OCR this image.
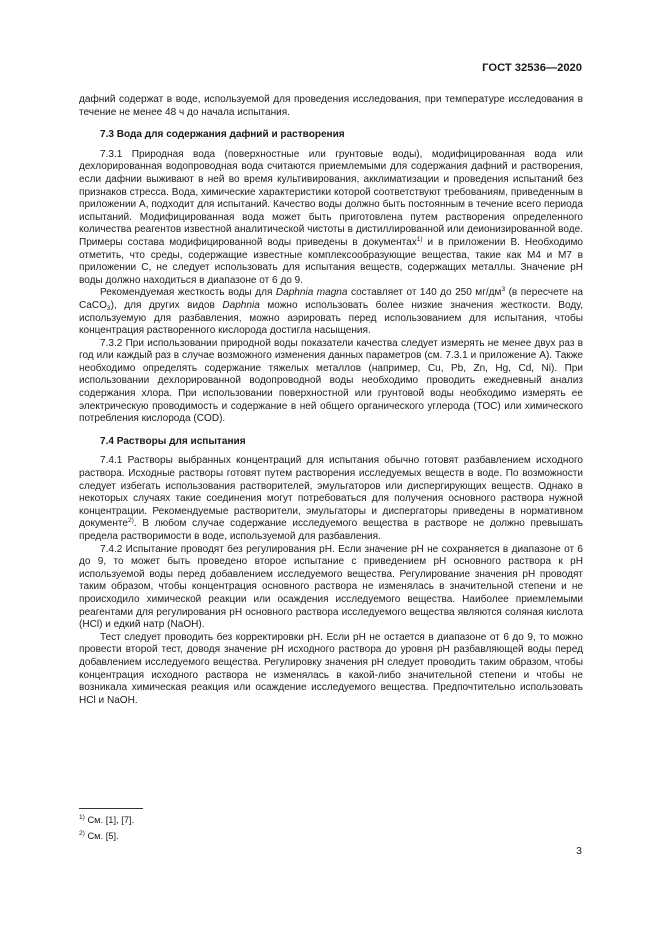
ГОСТ 32536—2020

дафний содержат в воде, используемой для проведения исследования, при температуре исследования в течение не менее 48 ч до начала испытания.

7.3 Вода для содержания дафний и растворения

7.3.1 Природная вода (поверхностные или грунтовые воды), модифицированная вода или дехлорированная водопроводная вода считаются приемлемыми для содержания дафний и растворения, если дафнии выживают в ней во время культивирования, акклиматизации и проведения испытаний без признаков стресса. Вода, химические характеристики которой соответствуют требованиям, приведенным в приложении А, подходит для испытаний. Качество воды должно быть постоянным в течение всего периода испытаний. Модифицированная вода может быть приготовлена путем растворения определенного количества реагентов известной аналитической чистоты в дистиллированной или деионизированной воде. Примеры состава модифицированной воды приведены в документах$^{1)}$ и в приложении В. Необходимо отметить, что среды, содержащие известные комплексообразующие вещества, такие как М4 и М7 в приложении С, не следует использовать для испытания веществ, содержащих металлы. Значение pH воды должно находиться в диапазоне от 6 до 9.

Рекомендуемая жесткость воды для Daphnia magna составляет от 140 до 250 $мг/дм^3$ (в пересчете на CaCO$_3$), для других видов Daphnia можно использовать более низкие значения жесткости. Воду, используемую для разбавления, можно аэрировать перед использованием для испытания, чтобы концентрация растворенного кислорода достигла насыщения.

7.3.2 При использовании природной воды показатели качества следует измерять не менее двух раз в год или каждый раз в случае возможного изменения данных параметров (см. 7.3.1 и приложение А). Также необходимо определять содержание тяжелых металлов (например, Cu, Pb, Zn, Hg, Cd, Ni). При использовании дехлорированной водопроводной воды необходимо проводить ежедневный анализ содержания хлора. При использовании поверхностной или грунтовой воды необходимо измерять ее электрическую проводимость и содержание в ней общего органического углерода (ТОС) или химического потребления кислорода (COD).

7.4 Растворы для испытания

7.4.1 Растворы выбранных концентраций для испытания обычно готовят разбавлением исходного раствора. Исходные растворы готовят путем растворения исследуемых веществ в воде. По возможности следует избегать использования растворителей, эмульгаторов или диспергирующих веществ. Однако в некоторых случаях такие соединения могут потребоваться для получения основного раствора нужной концентрации. Рекомендуемые растворители, эмульгаторы и диспергаторы приведены в нормативном документе$^{2)}$. В любом случае содержание исследуемого вещества в растворе не должно превышать предела растворимости в воде, используемой для разбавления.

7.4.2 Испытание проводят без регулирования pH. Если значение pH не сохраняется в диапазоне от 6 до 9, то может быть проведено второе испытание с приведением pH основного раствора к pH используемой воды перед добавлением исследуемого вещества. Регулирование значения pH проводят таким образом, чтобы концентрация основного раствора не изменялась в значительной степени и не происходило химической реакции или осаждения исследуемого вещества. Наиболее приемлемыми реагентами для регулирования pH основного раствора исследуемого вещества являются соляная кислота (HCl) и едкий натр (NaOH).

Тест следует проводить без корректировки pH. Если pH не остается в диапазоне от 6 до 9, то можно провести второй тест, доводя значение pH исходного раствора до уровня pH разбавляющей воды перед добавлением исследуемого вещества. Регулировку значения pH следует проводить таким образом, чтобы концентрация исходного раствора не изменялась в какой-либо значительной степени и чтобы не возникала химическая реакция или осаждение исследуемого вещества. Предпочтительно использовать HCl и NaOH.

$^{1)}$ См. [1], [7].
$^{2)}$ См. [5].
3
